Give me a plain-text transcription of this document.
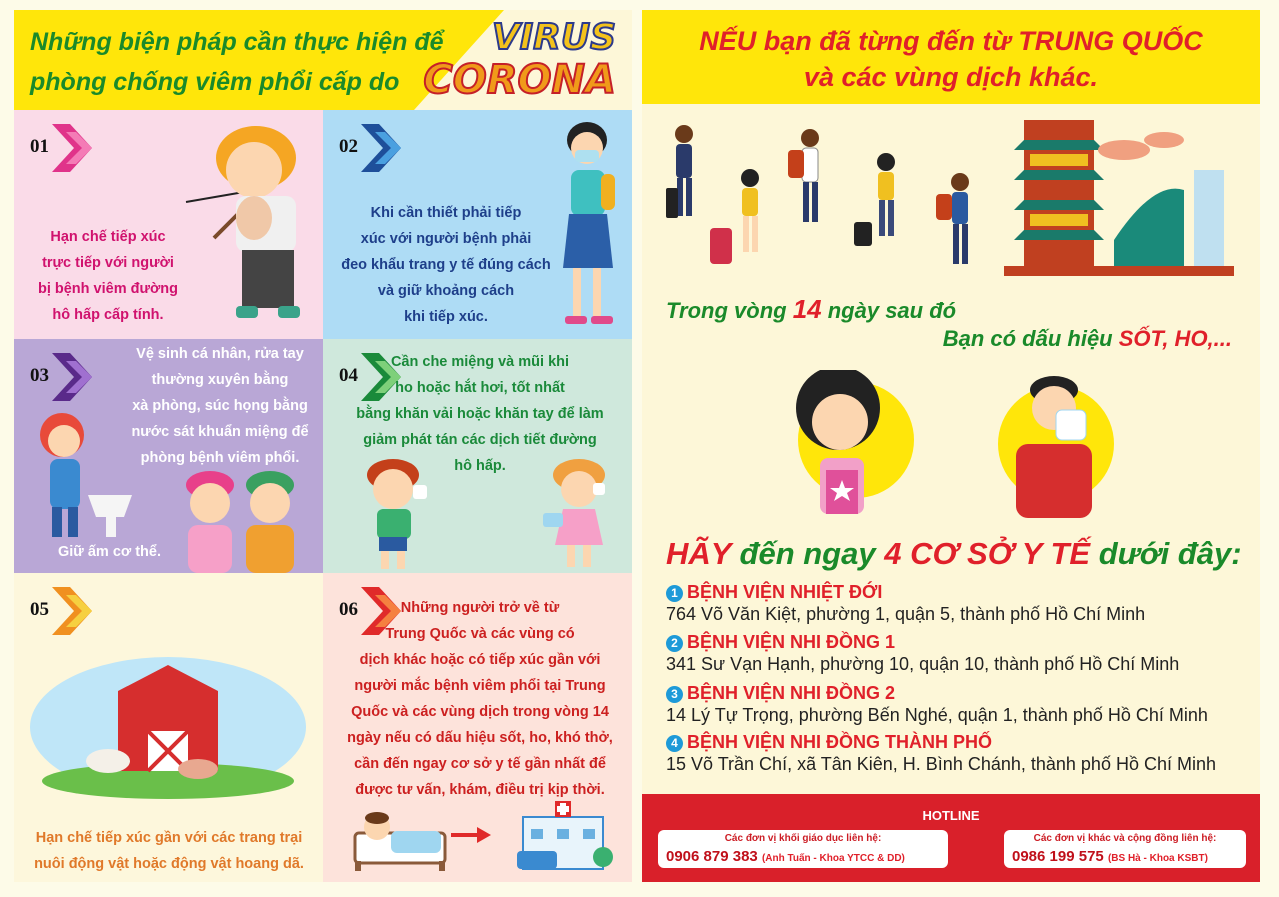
Những biện pháp cần thực hiện để
phòng chống viêm phổi cấp do
VIRUS
CORONA
01
Hạn chế tiếp xúc
trực tiếp với người
bị bệnh viêm đường
hô hấp cấp tính.
02
Khi cần thiết phải tiếp
xúc với người bệnh phải
đeo khẩu trang y tế đúng cách
và giữ khoảng cách
khi tiếp xúc.
03
Vệ sinh cá nhân, rửa tay
thường xuyên bằng
xà phòng, súc họng bằng
nước sát khuẩn miệng để
phòng bệnh viêm phổi.
Giữ ấm cơ thể.
04
Cần che miệng và mũi khi
ho hoặc hắt hơi, tốt nhất
bằng khăn vải hoặc khăn tay để làm
giảm phát tán các dịch tiết đường
hô hấp.
05
Hạn chế tiếp xúc gần với các trang trại
nuôi động vật hoặc động vật hoang dã.
06	Những người trở về từ
Trung Quốc và các vùng có
dịch khác hoặc có tiếp xúc gần với
người mắc bệnh viêm phổi tại Trung
Quốc và các vùng dịch trong vòng 14
ngày nếu có dấu hiệu sốt, ho, khó thở,
cần đến ngay cơ sở y tế gần nhất để
được tư vấn, khám, điều trị kịp thời.
NẾU bạn đã từng đến từ TRUNG QUỐC
và các vùng dịch khác.
Trong vòng 14 ngày sau đó
Bạn có dấu hiệu SỐT, HO,...
HÃY đến ngay 4 CƠ SỞ Y TẾ dưới đây:
1 BỆNH VIỆN NHIỆT ĐỚI
764 Võ Văn Kiệt, phường 1, quận 5, thành phố Hồ Chí Minh
2 BỆNH VIỆN NHI ĐỒNG 1
341 Sư Vạn Hạnh, phường 10, quận 10, thành phố Hồ Chí Minh
3 BỆNH VIỆN NHI ĐỒNG 2
14 Lý Tự Trọng, phường Bến Nghé, quận 1, thành phố Hồ Chí Minh
4 BỆNH VIỆN NHI ĐỒNG THÀNH PHỐ
15 Võ Trần Chí, xã Tân Kiên, H. Bình Chánh, thành phố Hồ Chí Minh
HOTLINE
Các đơn vị khối giáo dục liên hệ:
0906 879 383 (Anh Tuấn - Khoa YTCC & DD)
Các đơn vị khác và cộng đồng liên hệ:
0986 199 575 (BS Hà - Khoa KSBT)
